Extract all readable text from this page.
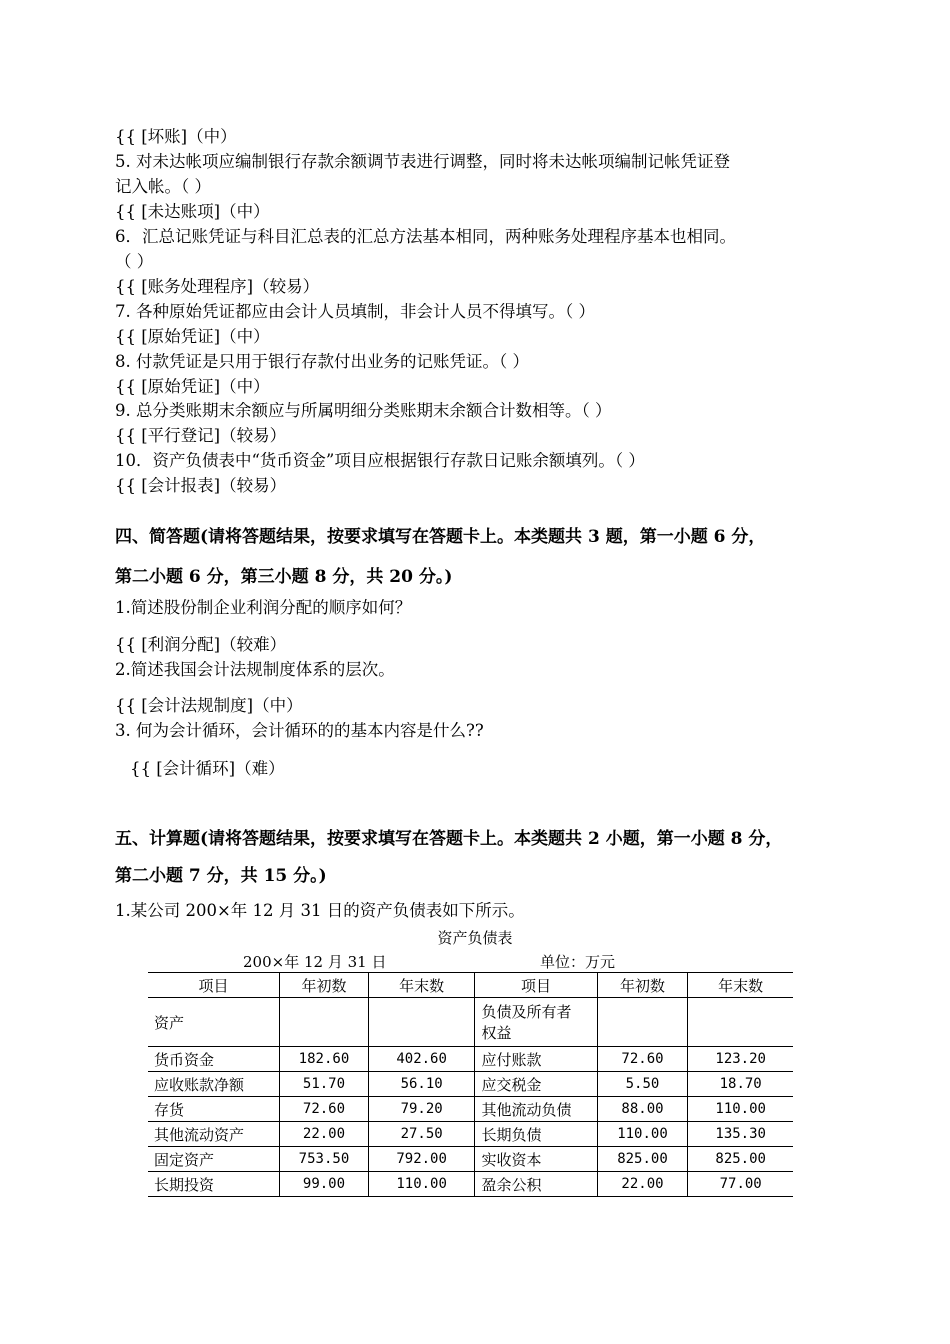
{{ [坏账]（中）
5. 对未达帐项应编制银行存款余额调节表进行调整，同时将未达帐项编制记帐凭证登
记入帐。（ ）
{{ [未达账项]（中）
6．汇总记账凭证与科目汇总表的汇总方法基本相同，两种账务处理程序基本也相同。
（ ）
{{ [账务处理程序]（较易）
7. 各种原始凭证都应由会计人员填制，非会计人员不得填写。（ ）
{{ [原始凭证]（中）
8. 付款凭证是只用于银行存款付出业务的记账凭证。（ ）
{{ [原始凭证]（中）
9. 总分类账期末余额应与所属明细分类账期末余额合计数相等。（ ）
{{ [平行登记]（较易）
10．资产负债表中“货币资金”项目应根据银行存款日记账余额填列。（ ）
{{ [会计报表]（较易）
四、简答题(请将答题结果，按要求填写在答题卡上。本类题共 3 题，第一小题 6 分，
第二小题 6 分，第三小题 8 分，共 20 分。)
1.简述股份制企业利润分配的顺序如何？
{{ [利润分配]（较难）
2.简述我国会计法规制度体系的层次。
{{ [会计法规制度]（中）
3. 何为会计循环，会计循环的的基本内容是什么??
{{ [会计循环]（难）
五、计算题(请将答题结果，按要求填写在答题卡上。本类题共 2 小题，第一小题 8 分，
第二小题 7 分，共 15 分。)
1.某公司 200×年 12 月 31 日的资产负债表如下所示。
资产负债表
200×年 12 月 31 日	单位：万元
项目	年初数	年末数	项目	年初数	年末数
资产			负债及所有者
权益		
货币资金	182.60	402.60	应付账款	72.60	123.20
应收账款净额	51.70	56.10	应交税金	5.50	18.70
存货	72.60	79.20	其他流动负债	88.00	110.00
其他流动资产	22.00	27.50	长期负债	110.00	135.30
固定资产	753.50	792.00	实收资本	825.00	825.00
长期投资	99.00	110.00	盈余公积	22.00	77.00
